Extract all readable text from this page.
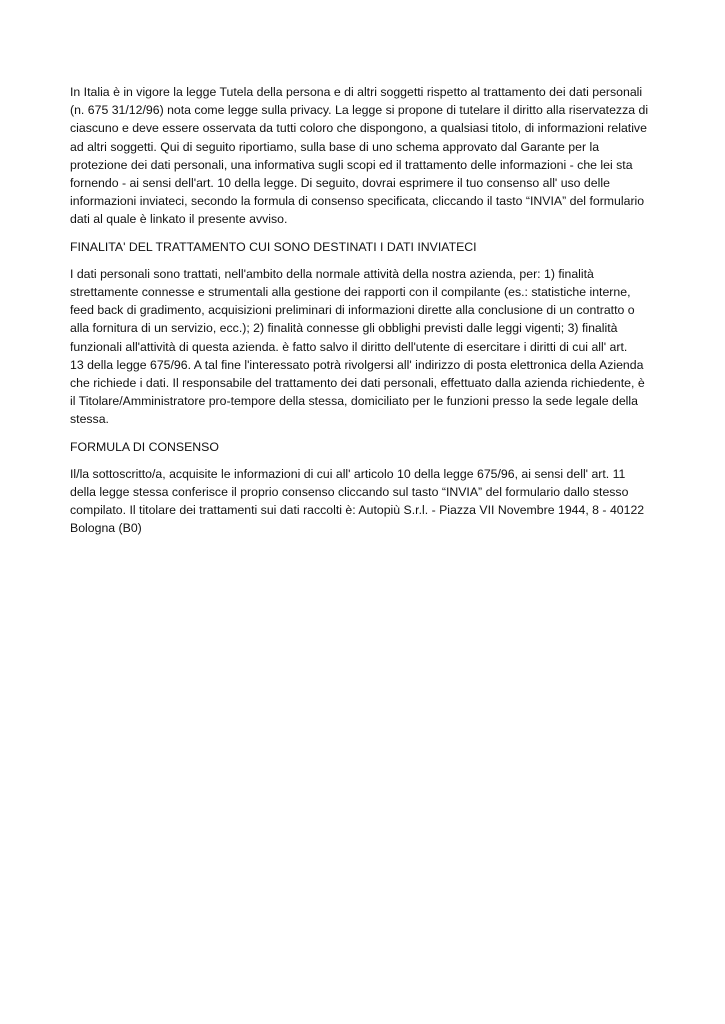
In Italia è in vigore la legge Tutela della persona e di altri soggetti rispetto al trattamento dei dati personali
(n. 675 31/12/96) nota come legge sulla privacy. La legge si propone di tutelare il diritto alla riservatezza di
ciascuno e deve essere osservata da tutti coloro che dispongono, a qualsiasi titolo, di informazioni relative
ad altri soggetti. Qui di seguito riportiamo, sulla base di uno schema approvato dal Garante per la
protezione dei dati personali, una informativa sugli scopi ed il trattamento delle informazioni - che lei sta
fornendo - ai sensi dell'art. 10 della legge. Di seguito, dovrai esprimere il tuo consenso all' uso delle
informazioni inviateci, secondo la formula di consenso specificata, cliccando il tasto “INVIA” del formulario
dati al quale è linkato il presente avviso.

FINALITA' DEL TRATTAMENTO CUI SONO DESTINATI I DATI INVIATECI

I dati personali sono trattati, nell'ambito della normale attività della nostra azienda, per: 1) finalità
strettamente connesse e strumentali alla gestione dei rapporti con il compilante (es.: statistiche interne,
feed back di gradimento, acquisizioni preliminari di informazioni dirette alla conclusione di un contratto o
alla fornitura di un servizio, ecc.); 2) finalità connesse gli obblighi previsti dalle leggi vigenti; 3) finalità
funzionali all'attività di questa azienda. è fatto salvo il diritto dell'utente di esercitare i diritti di cui all' art.
13 della legge 675/96. A tal fine l'interessato potrà rivolgersi all' indirizzo di posta elettronica della Azienda
che richiede i dati. Il responsabile del trattamento dei dati personali, effettuato dalla azienda richiedente, è
il Titolare/Amministratore pro-tempore della stessa, domiciliato per le funzioni presso la sede legale della
stessa.

FORMULA DI CONSENSO

Il/la sottoscritto/a, acquisite le informazioni di cui all' articolo 10 della legge 675/96, ai sensi dell' art. 11
della legge stessa conferisce il proprio consenso cliccando sul tasto “INVIA” del formulario dallo stesso
compilato. Il titolare dei trattamenti sui dati raccolti è: Autopiù S.r.l. - Piazza VII Novembre 1944, 8 - 40122
Bologna (B0)
